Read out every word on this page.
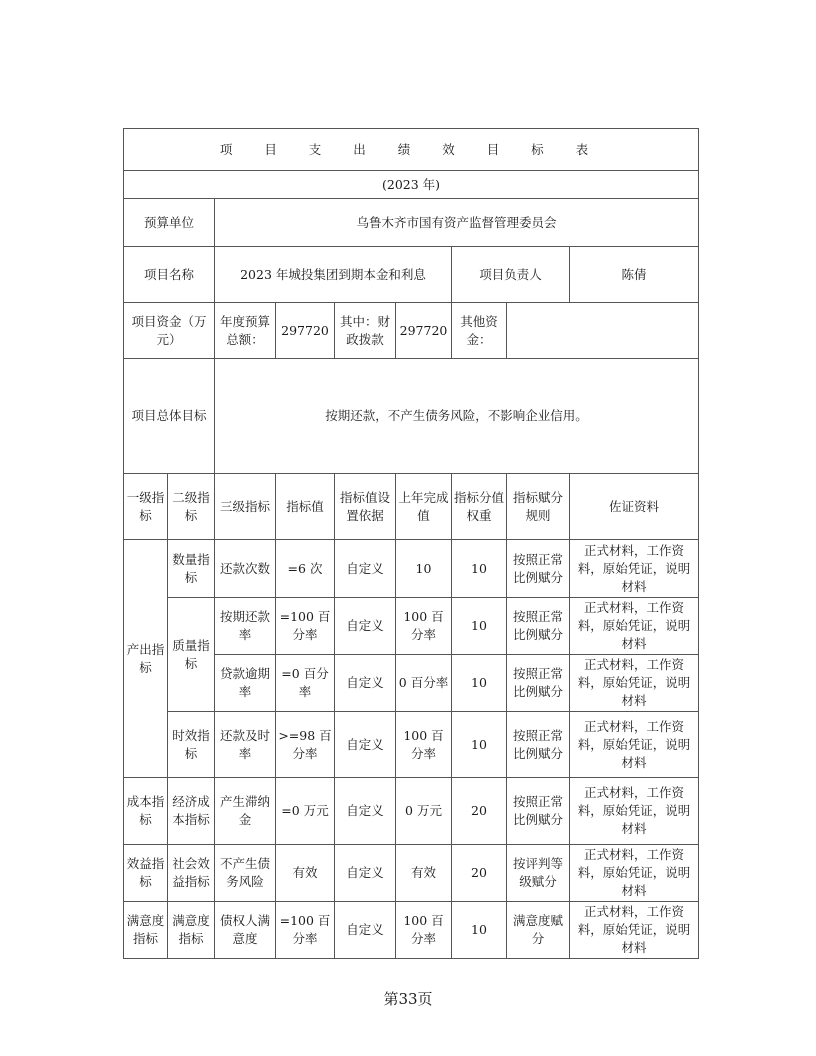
项 目 支 出 绩 效 目 标 表								
(2023 年)								
预算单位		乌鲁木齐市国有资产监督管理委员会						
项目名称		2023 年城投集团到期本金和利息				项目负责人		陈倩
项目资金（万元）		年度预算总额：	297720	其中：财政拨款	297720	其他资金：		
项目总体目标		按期还款，不产生债务风险，不影响企业信用。						
一级指标	二级指标	三级指标	指标值	指标值设置依据	上年完成值	指标分值权重	指标赋分规则	佐证资料
产出指标	数量指标	还款次数	=6 次	自定义	10	10	按照正常比例赋分	正式材料，工作资料，原始凭证，说明材料
	质量指标	按期还款率	=100 百分率	自定义	100 百分率	10	按照正常比例赋分	正式材料，工作资料，原始凭证，说明材料
		贷款逾期率	=0 百分率	自定义	0 百分率	10	按照正常比例赋分	正式材料，工作资料，原始凭证，说明材料
	时效指标	还款及时率	>=98 百分率	自定义	100 百分率	10	按照正常比例赋分	正式材料，工作资料，原始凭证，说明材料
成本指标	经济成本指标	产生滞纳金	=0 万元	自定义	0 万元	20	按照正常比例赋分	正式材料，工作资料，原始凭证，说明材料
效益指标	社会效益指标	不产生债务风险	有效	自定义	有效	20	按评判等级赋分	正式材料，工作资料，原始凭证，说明材料
满意度指标	满意度指标	债权人满意度	=100 百分率	自定义	100 百分率	10	满意度赋分	正式材料，工作资料，原始凭证，说明材料
第33页
